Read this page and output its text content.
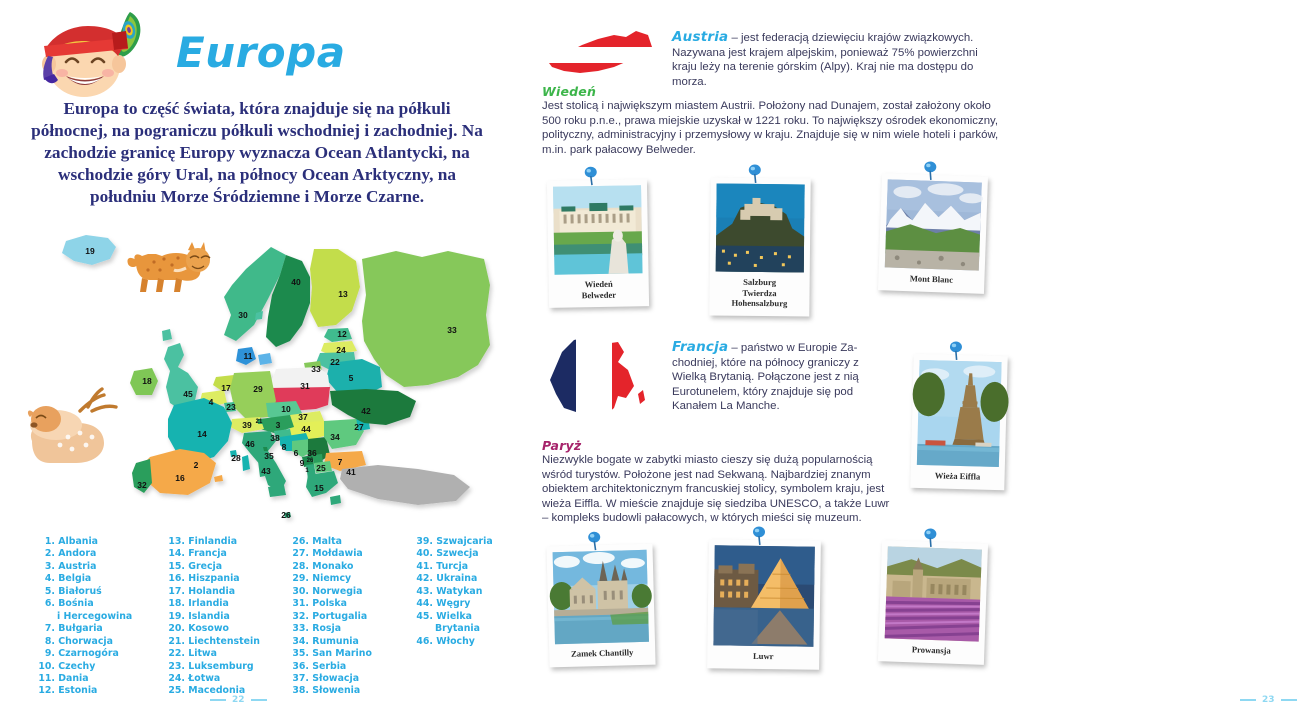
Europa
Europa to część świata, która znajduje się na półkuli północnej, na pograniczu półkuli wschodniej i zachodniej. Na zachodzie granicę Europy wyznacza Ocean Atlantycki, na wschodzie góry Ural, na północy Ocean Arktyczny, na południu Morze Śródziemne i Morze Czarne.
19
30
40
13
33
12
24
22
11
33
5
31
18
45
17	29
4 23	10	42
14
39 21	37
44
3	27
38	34
46	8
6 36
26
9
28	35
2	25
7
1	41
43
16
32	15
26
1. Albania
2. Andora
3. Austria
4. Belgia
5. Białoruś
6. Bośnia
i Hercegowina
7. Bułgaria
8. Chorwacja
9. Czarnogóra
10. Czechy
11. Dania
12. Estonia
13. Finlandia
14. Francja
15. Grecja
16. Hiszpania
17. Holandia
18. Irlandia
19. Islandia
20. Kosowo
21. Liechtenstein
22. Litwa
23. Luksemburg
24. Łotwa
25. Macedonia
26. Malta
27. Mołdawia
28. Monako
29. Niemcy
30. Norwegia
31. Polska
32. Portugalia
33. Rosja
34. Rumunia
35. San Marino
36. Serbia
37. Słowacja
38. Słowenia
39. Szwajcaria
40. Szwecja
41. Turcja
42. Ukraina
43. Watykan
44. Węgry
45. Wielka
Brytania
46. Włochy
22
Austria – jest federacją dziewięciu krajów związkowych. Nazywana jest krajem alpejskim, ponieważ 75% powierzchni kraju leży na terenie górskim (Alpy). Kraj nie ma dostępu do morza.
Wiedeń
Jest stolicą i największym miastem Austrii. Położony nad Dunajem, został założony około 500 roku p.n.e., prawa miejskie uzyskał w 1221 roku. To największy ośrodek ekonomiczny, polityczny, administracyjny i przemysłowy w kraju. Znajduje się w nim wiele hoteli i parków, m.in. park pałacowy Belweder.
Wiedeń
Belweder
Salzburg
Twierdza Hohensalzburg
Mont Blanc
Francja – państwo w Europie Zachodniej, które na północy graniczy z Wielką Brytanią. Połączone jest z nią Eurotunelem, który znajduje się pod Kanałem La Manche.
Paryż
Niezwykle bogate w zabytki miasto cieszy się dużą popularnością wśród turystów. Położone jest nad Sekwaną. Najbardziej znanym obiektem architektonicznym francuskiej stolicy, symbolem kraju, jest wieża Eiffla. W mieście znajduje się siedziba UNESCO, a także Luwr – kompleks budowli pałacowych, w których mieści się muzeum.
Wieża Eiffla
Zamek Chantilly	Luwr
Prowansja
23
